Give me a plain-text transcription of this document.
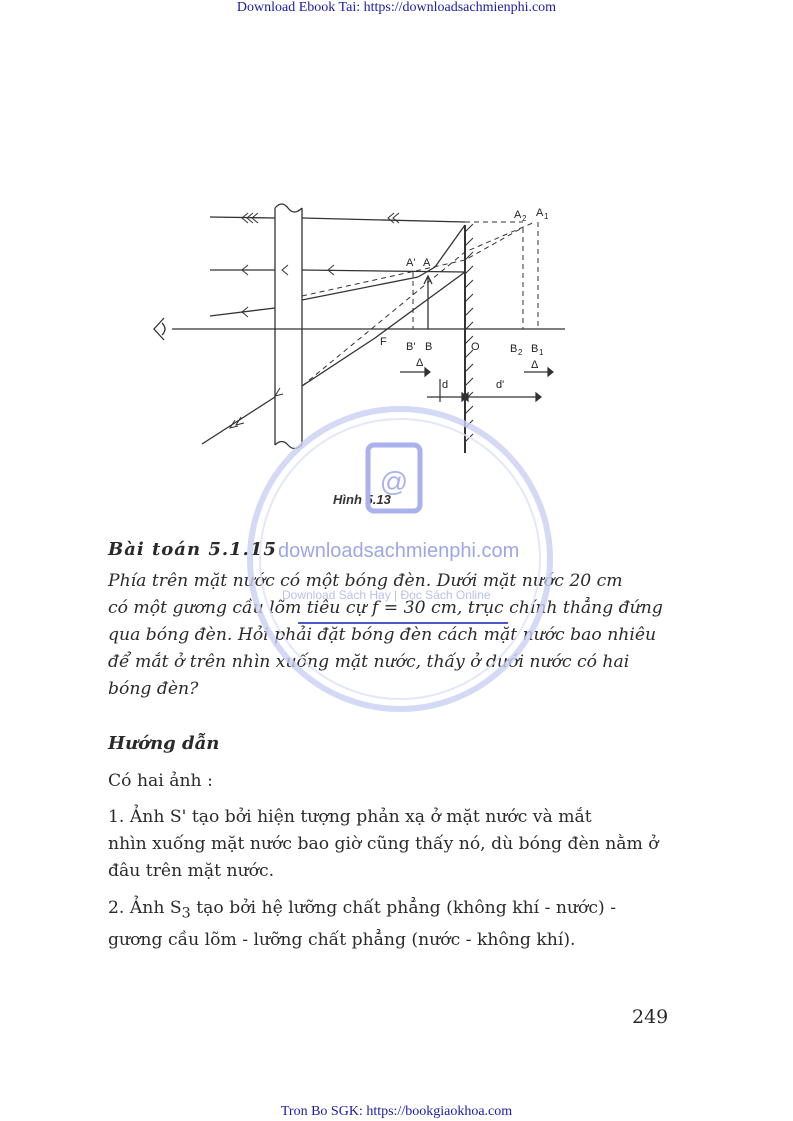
Download Ebook Tai: https://downloadsachmienphi.com
A 2 A 1
A' A
F B' B	O	B 2 B 1
Δ	Δ
d	d'
Hình 5.13
Bài toán 5.1.15
Phía trên mặt nước có một bóng đèn. Dưới mặt nước 20 cm
có một gương cầu lõm tiêu cự f = 30 cm, trục chính thẳng đứng
qua bóng đèn. Hỏi phải đặt bóng đèn cách mặt nước bao nhiêu
để mắt ở trên nhìn xuống mặt nước, thấy ở dưới nước có hai
bóng đèn?
Hướng dẫn
Có hai ảnh :
1. Ảnh S' tạo bởi hiện tượng phản xạ ở mặt nước và mắt
nhìn xuống mặt nước bao giờ cũng thấy nó, dù bóng đèn nằm ở
đâu trên mặt nước.
2. Ảnh $S_3$ tạo bởi hệ lưỡng chất phẳng (không khí - nước) -
gương cầu lõm - lưỡng chất phẳng (nước - không khí).
249
@
downloadsachmienphi.com
Download Sách Hay | Đọc Sách Online
Tron Bo SGK: https://bookgiaokhoa.com
